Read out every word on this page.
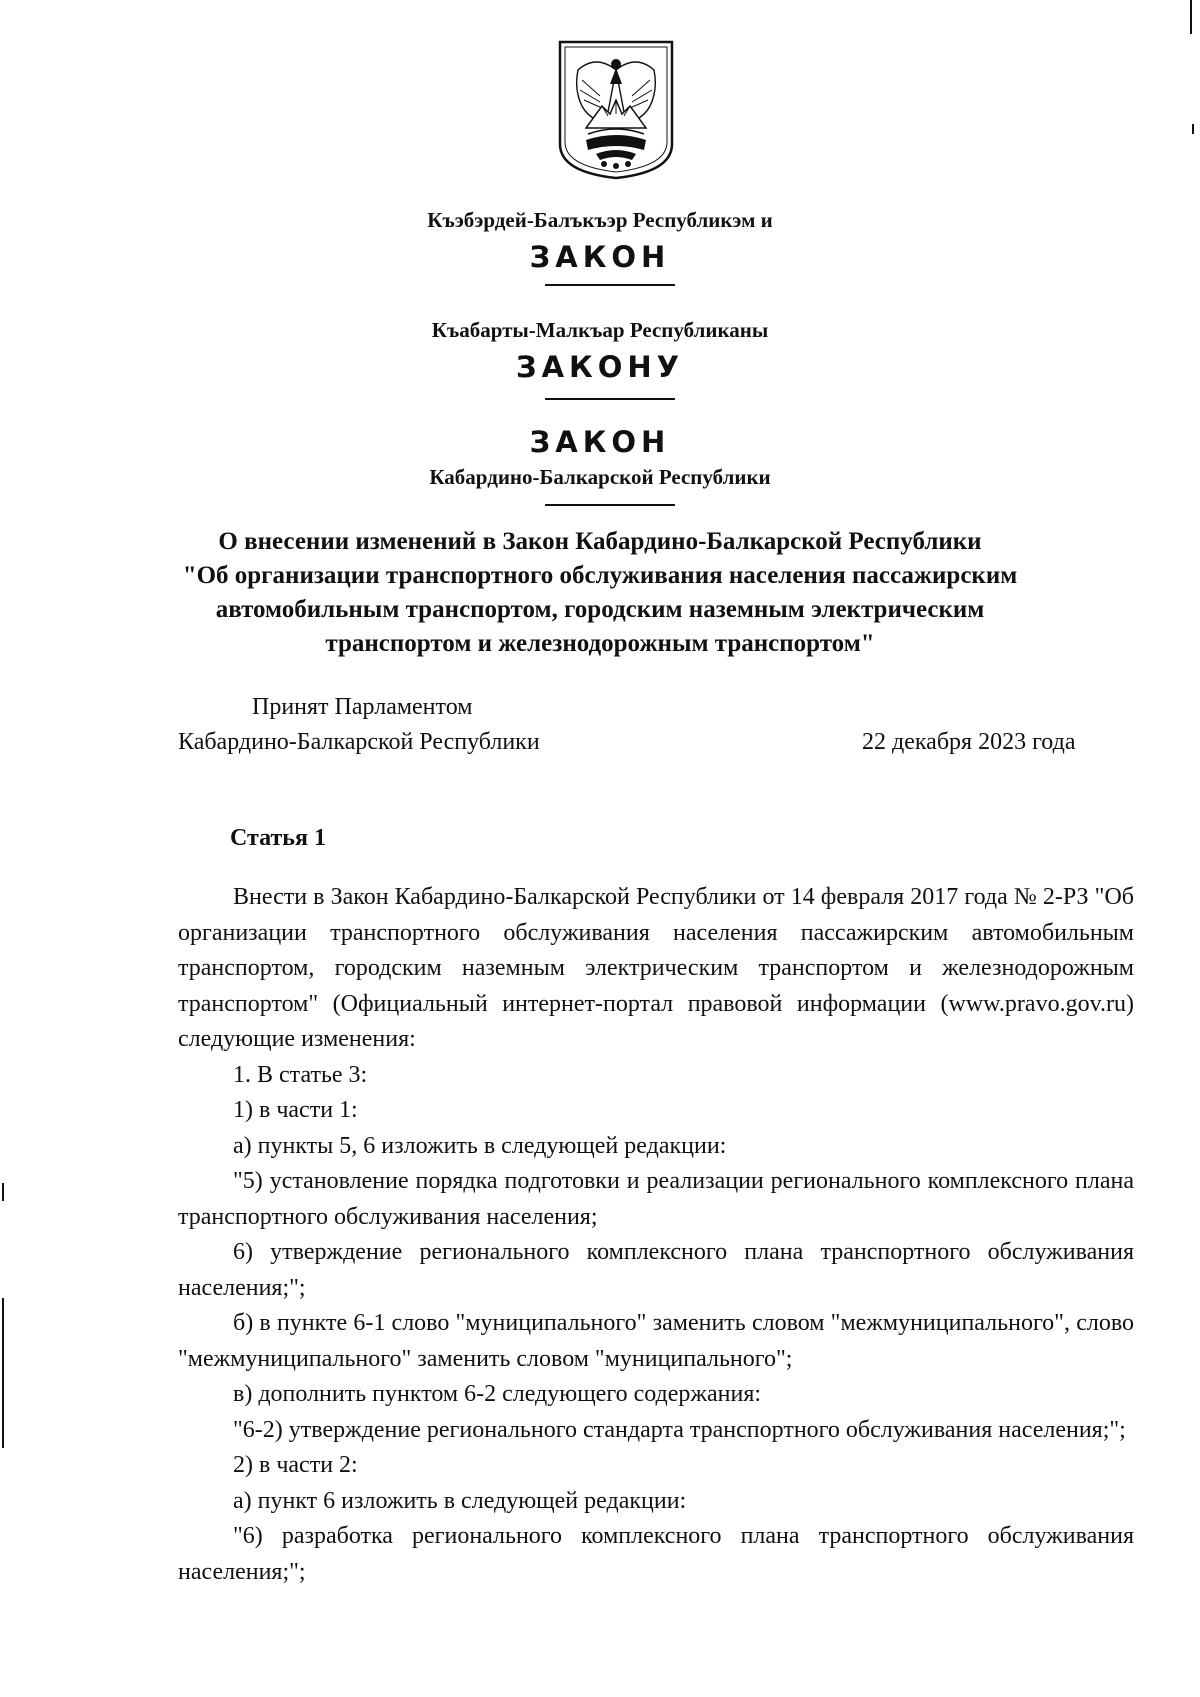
Къэбэрдей-Балъкъэр Республикэм и
ЗАКОН
Къабарты-Малкъар Республиканы
ЗАКОНУ
ЗАКОН
Кабардино-Балкарской Республики
О внесении изменений в Закон Кабардино-Балкарской Республики
"Об организации транспортного обслуживания населения пассажирским
автомобильным транспортом, городским наземным электрическим
транспортом и железнодорожным транспортом"
Принят Парламентом
Кабардино-Балкарской Республики	22 декабря 2023 года
Статья 1

Внести в Закон Кабардино-Балкарской Республики от 14 февраля 2017 года № 2-РЗ "Об организации транспортного обслуживания населения пассажирским автомобильным транспортом, городским наземным электрическим транспортом и железнодорожным транспортом" (Официальный интернет-портал правовой информации (www.pravo.gov.ru) следующие изменения:

1. В статье 3:

1) в части 1:

а) пункты 5, 6 изложить в следующей редакции:

"5) установление порядка подготовки и реализации регионального комплексного плана транспортного обслуживания населения;

6) утверждение регионального комплексного плана транспортного обслуживания населения;";

б) в пункте 6-1 слово "муниципального" заменить словом "межмуниципального", слово "межмуниципального" заменить словом "муниципального";

в) дополнить пунктом 6-2 следующего содержания:

"6-2) утверждение регионального стандарта транспортного обслуживания населения;";

2) в части 2:

а) пункт 6 изложить в следующей редакции:

"6) разработка регионального комплексного плана транспортного обслуживания населения;";
